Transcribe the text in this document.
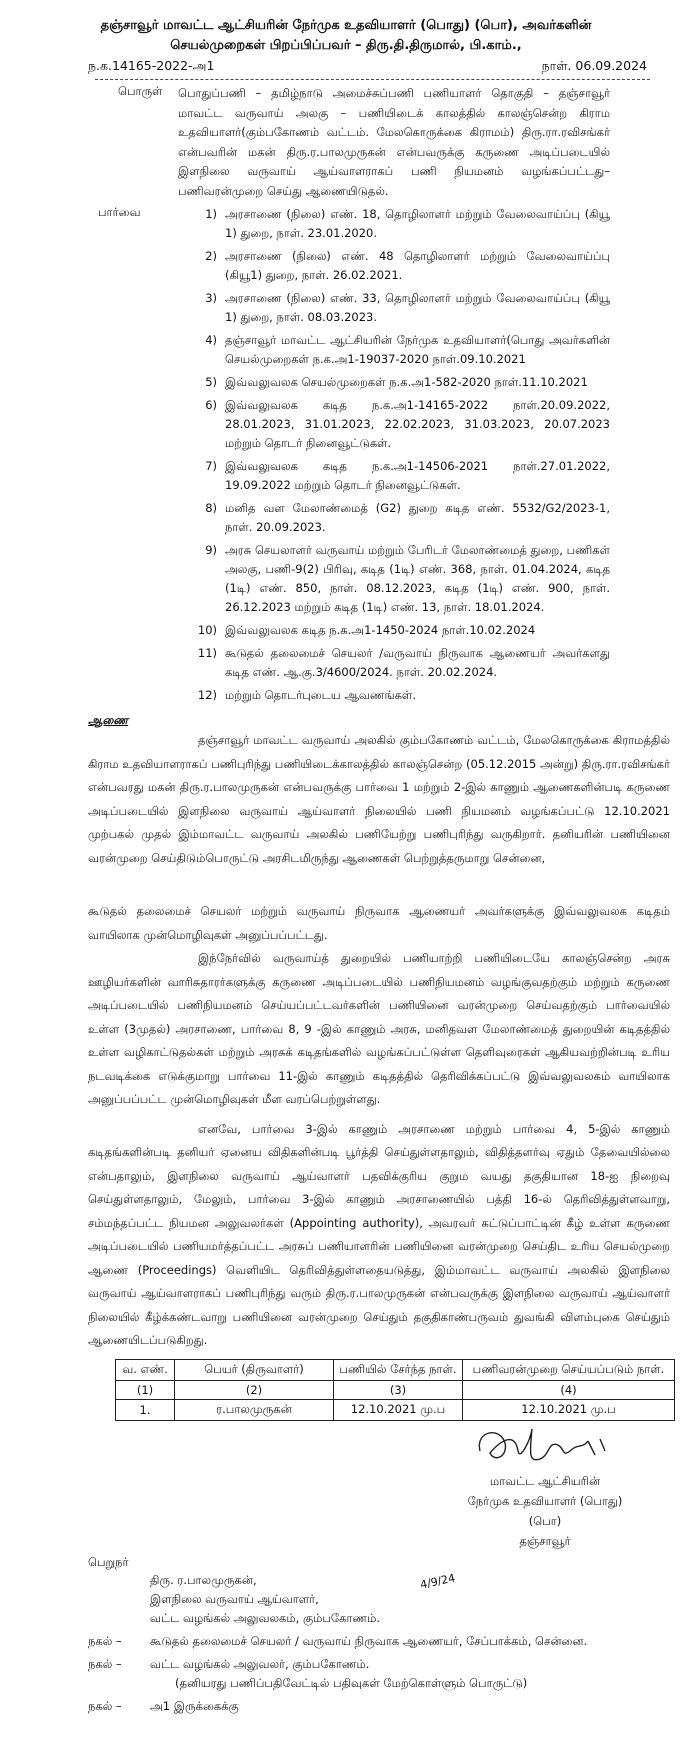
தஞ்சாவூர் மாவட்ட ஆட்சியரின் நேர்முக உதவியாளர் (பொது) (பொ), அவர்களின்
செயல்முறைகள் பிறப்பிப்பவர் – திரு.தி.திருமால், பி.காம்.,
ந.க.14165-2022-அ1	நாள். 06.09.2024
பொருள்	பொதுப்பணி – தமிழ்நாடு அமைச்சுப்பணி பணியாளர் தொகுதி – தஞ்சாவூர் மாவட்ட வருவாய் அலகு – பணியிடைக் காலத்தில் காலஞ்சென்ற கிராம உதவியாளர்(கும்பகோணம் வட்டம். மேலகொருக்கை கிராமம்) திரு.ரா.ரவிசங்கர் என்பவரின் மகன் திரு.ர.பாலமுருகன் என்பவருக்கு கருணை அடிப்படையில் இளநிலை வருவாய் ஆய்வாளராகப் பணி நியமனம் வழங்கப்பட்டது– பணிவரன்முறை செய்து ஆணையிடுதல்.
பார்வை	1) அரசாணை (நிலை) எண். 18, தொழிலாளர் மற்றும் வேலைவாய்ப்பு (கியூ 1) துறை, நாள். 23.01.2020.
2) அரசாணை (நிலை) எண். 48 தொழிலாளர் மற்றும் வேலைவாய்ப்பு (கியூ1) துறை, நாள். 26.02.2021.
3) அரசாணை (நிலை) எண். 33, தொழிலாளர் மற்றும் வேலைவாய்ப்பு (கியூ 1) துறை, நாள். 08.03.2023.
4) தஞ்சாவூர் மாவட்ட ஆட்சியரின் நேர்முக உதவியாளர்(பொது அவர்களின் செயல்முறைகள் ந.க.அ1-19037-2020 நாள்.09.10.2021
5) இவ்வலுவலக செயல்முறைகள் ந.க.அ1-582-2020 நாள்.11.10.2021
6) இவ்வலுவலக கடித ந.க.அ1-14165-2022 நாள்.20.09.2022, 28.01.2023, 31.01.2023, 22.02.2023, 31.03.2023, 20.07.2023 மற்றும் தொடர் நினைவூட்டுகள்.
7) இவ்வலுவலக கடித ந.க.அ1-14506-2021 நாள்.27.01.2022, 19.09.2022 மற்றும் தொடர் நினைவூட்டுகள்.
8) மனித வள மேலாண்மைத் (G2) துறை கடித எண். 5532/G2/2023-1, நாள். 20.09.2023.
9) அரசு செயலாளர் வருவாய் மற்றும் பேரிடர் மேலாண்மைத் துறை, பணிகள் அலகு, பணி-9(2) பிரிவு, கடித (1டி) எண். 368, நாள். 01.04.2024, கடித (1டி) எண். 850, நாள். 08.12.2023, கடித (1டி) எண். 900, நாள். 26.12.2023 மற்றும் கடித (1டி) எண். 13, நாள். 18.01.2024.
10) இவ்வலுவலக கடித ந.க.அ1-1450-2024 நாள்.10.02.2024
11) கூடுதல் தலைமைச் செயலர் /வருவாய் நிருவாக ஆணையர் அவர்களது கடித எண். ஆ.கு.3/4600/2024. நாள். 20.02.2024.
12) மற்றும் தொடர்புடைய ஆவணங்கள்.
ஆணை

தஞ்சாவூர் மாவட்ட வருவாய் அலகில் கும்பகோணம் வட்டம், மேலகொருக்கை கிராமத்தில் கிராம உதவியாளராகப் பணிபுரிந்து பணியிடைக்காலத்தில் காலஞ்சென்ற (05.12.2015 அன்று) திரு.ரா.ரவிசங்கர் என்பவரது மகன் திரு.ர.பாலமுருகன் என்பவருக்கு பார்வை 1 மற்றும் 2-இல் காணும் ஆணைகளின்படி கருணை அடிப்படையில் இளநிலை வருவாய் ஆய்வாளர் நிலையில் பணி நியமனம் வழங்கப்பட்டு 12.10.2021 முற்பகல் முதல் இம்மாவட்ட வருவாய் அலகில் பணியேற்று பணிபுரிந்து வருகிறார். தனியரின் பணியினை வரன்முறை செய்திடும்பொருட்டு அரசிடமிருந்து ஆணைகள் பெற்றுத்தருமாறு சென்னை,

கூடுதல் தலைமைச் செயலர் மற்றும் வருவாய் நிருவாக ஆணையர் அவர்களுக்கு இவ்வலுவலக கடிதம் வாயிலாக முன்மொழிவுகள் அனுப்பப்பட்டது.

இந்நேர்வில் வருவாய்த் துறையில் பணியாற்றி பணியிடையே காலஞ்சென்ற அரசு ஊழியர்களின் வாரிசுதாரர்களுக்கு கருணை அடிப்படையில் பணிநியமனம் வழங்குவதற்கும் மற்றும் கருணை அடிப்படையில் பணிநியமனம் செய்யப்பட்டவர்களின் பணியினை வரன்முறை செய்வதற்கும் பார்வையில் உள்ள (3முதல்) அரசாணை, பார்வை 8, 9 -இல் காணும் அரசு, மனிதவள மேலாண்மைத் துறையின் கடிதத்தில் உள்ள வழிகாட்டுதல்கள் மற்றும் அரசுக் கடிதங்களில் வழங்கப்பட்டுள்ள தெளிவுரைகள் ஆகியவற்றின்படி உரிய நடவடிக்கை எடுக்குமாறு பார்வை 11-இல் காணும் கடிதத்தில் தெரிவிக்கப்பட்டு இவ்வலுவலகம் வாயிலாக அனுப்பப்பட்ட முன்மொழிவுகள் மீள வரப்பெற்றுள்ளது.

எனவே, பார்வை 3-இல் காணும் அரசாணை மற்றும் பார்வை 4, 5-இல் காணும் கடிதங்களின்படி தனியர் ஏனைய விதிகளின்படி பூர்த்தி செய்துள்ளதாலும், விதித்தளர்வு ஏதும் தேவையில்லை என்பதாலும், இளநிலை வருவாய் ஆய்வாளர் பதவிக்குரிய குறும வயது தகுதியான 18-ஐ நிறைவு செய்துள்ளதாலும், மேலும், பார்வை 3-இல் காணும் அரசாணையில் பத்தி 16-ல் தெரிவித்துள்ளவாறு, சம்மந்தப்பட்ட நியமன அலுவலர்கள் (Appointing authority), அவரவர் கட்டுப்பாட்டின் கீழ் உள்ள கருணை அடிப்படையில் பணியமர்த்தப்பட்ட அரசுப் பணியாளரின் பணியினை வரன்முறை செய்திட உரிய செயல்முறை ஆணை (Proceedings) வெளியிட தெரிவித்துள்ளதையடுத்து, இம்மாவட்ட வருவாய் அலகில் இளநிலை வருவாய் ஆய்வாளராகப் பணிபுரிந்து வரும் திரு.ர.பாலமுருகன் என்பவருக்கு இளநிலை வருவாய் ஆய்வாளர் நிலையில் கீழ்க்கண்டவாறு பணியினை வரன்முறை செய்தும் தகுதிகாண்பருவம் துவங்கி விளம்புகை செய்தும் ஆணையிடப்படுகிறது.

வ. எண்.	பெயர் (திருவாளர்)	பணியில் சேர்ந்த நாள்.	பணிவரன்முறை செய்யப்படும் நாள்.
(1)	(2)	(3)	(4)
1.	ர.பாலமுருகன்	12.10.2021 மு.ப	12.10.2021 மு.ப
மாவட்ட ஆட்சியரின்
நேர்முக உதவியாளர் (பொது) (பொ)
தஞ்சாவூர்
பெறுநர்
திரு. ர.பாலமுருகன்,
இளநிலை வருவாய் ஆய்வாளர்,
வட்ட வழங்கல் அலுவலகம், கும்பகோணம்.
4/9/24
நகல் –	கூடுதல் தலைமைச் செயலர் / வருவாய் நிருவாக ஆணையர், சேப்பாக்கம், சென்னை.
நகல் –	வட்ட வழங்கல் அலுவலர், கும்பகோணம்.
(தனியரது பணிப்பதிவேட்டில் பதிவுகள் மேற்கொள்ளும் பொருட்டு)
நகல் –	அ1 இருக்கைக்கு
